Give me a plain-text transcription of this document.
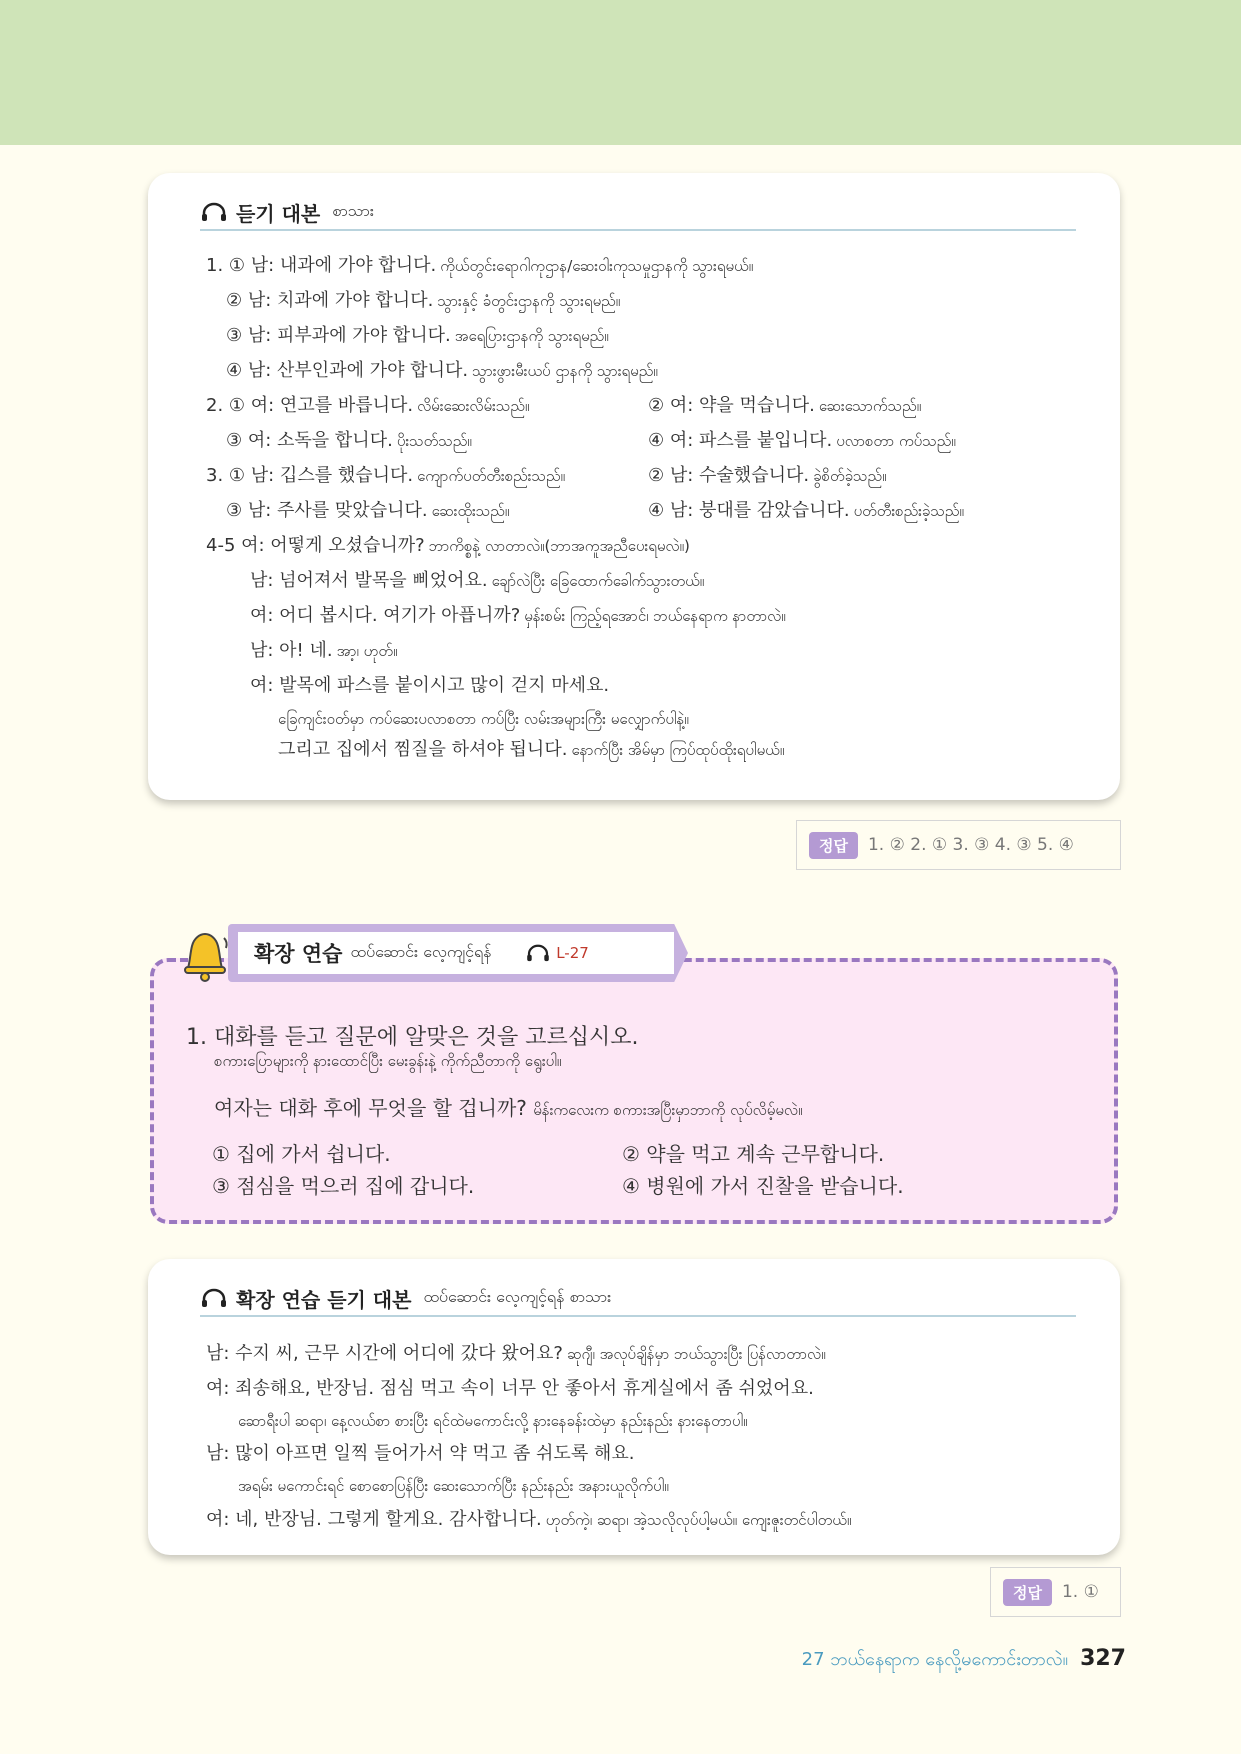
듣기 대본 စာသား
1. ① 남: 내과에 가야 합니다. ကိုယ်တွင်းရောဂါကုဌာန/ဆေးဝါးကုသမှုဌာနကို သွားရမယ်။
② 남: 치과에 가야 합니다. သွားနှင့် ခံတွင်းဌာနကို သွားရမည်။
③ 남: 피부과에 가야 합니다. အရေပြားဌာနကို သွားရမည်။
④ 남: 산부인과에 가야 합니다. သွားဖွားမီးယပ် ဌာနကို သွားရမည်။
2. ① 여: 연고를 바릅니다. လိမ်းဆေးလိမ်းသည်။	② 여: 약을 먹습니다. ဆေးသောက်သည်။
③ 여: 소독을 합니다. ပိုးသတ်သည်။	④ 여: 파스를 붙입니다. ပလာစတာ ကပ်သည်။
3. ① 남: 깁스를 했습니다. ကျောက်ပတ်တီးစည်းသည်။	② 남: 수술했습니다. ခွဲစိတ်ခဲ့သည်။
③ 남: 주사를 맞았습니다. ဆေးထိုးသည်။	④ 남: 붕대를 감았습니다. ပတ်တီးစည်းခဲ့သည်။
4-5 여: 어떻게 오셨습니까? ဘာကိစ္စနဲ့ လာတာလဲ။(ဘာအကူအညီပေးရမလဲ။)
남: 넘어져서 발목을 삐었어요. ချော်လဲပြီး ခြေထောက်ခေါက်သွားတယ်။
여: 어디 봅시다. 여기가 아픕니까? မှန်းစမ်း ကြည့်ရအောင်၊ ဘယ်နေရာက နာတာလဲ။
남: 아! 네. အာ့၊ ဟုတ်။
여: 발목에 파스를 붙이시고 많이 걷지 마세요.
ခြေကျင်းဝတ်မှာ ကပ်ဆေးပလာစတာ ကပ်ပြီး လမ်းအများကြီး မလျှောက်ပါနဲ့။
그리고 집에서 찜질을 하셔야 됩니다. နောက်ပြီး အိမ်မှာ ကြပ်ထုပ်ထိုးရပါမယ်။
정답	1. ② 2. ① 3. ③ 4. ③ 5. ④
확장 연습 ထပ်ဆောင်း လေ့ကျင့်ရန်	L-27
1. 대화를 듣고 질문에 알맞은 것을 고르십시오.
စကားပြောများကို နားထောင်ပြီး မေးခွန်းနဲ့ ကိုက်ညီတာကို ရွေးပါ။
여자는 대화 후에 무엇을 할 겁니까? မိန်းကလေးက စကားအပြီးမှာဘာကို လုပ်လိမ့်မလဲ။
① 집에 가서 쉽니다.	② 약을 먹고 계속 근무합니다.
③ 점심을 먹으러 집에 갑니다.	④ 병원에 가서 진찰을 받습니다.
확장 연습 듣기 대본 ထပ်ဆောင်း လေ့ကျင့်ရန် စာသား
남: 수지 씨, 근무 시간에 어디에 갔다 왔어요? ဆုဂျီ၊ အလုပ်ချိန်မှာ ဘယ်သွားပြီး ပြန်လာတာလဲ။
여: 죄송해요, 반장님. 점심 먹고 속이 너무 안 좋아서 휴게실에서 좀 쉬었어요.
ဆောရီးပါ ဆရာ၊ နေ့လယ်စာ စားပြီး ရင်ထဲမကောင်းလို့ နားနေခန်းထဲမှာ နည်းနည်း နားနေတာပါ။
남: 많이 아프면 일찍 들어가서 약 먹고 좀 쉬도록 해요.
အရမ်း မကောင်းရင် စောစောပြန်ပြီး ဆေးသောက်ပြီး နည်းနည်း အနားယူလိုက်ပါ။
여: 네, 반장님. 그렇게 할게요. 감사합니다. ဟုတ်ကဲ့၊ ဆရာ၊ အဲ့သလိုလုပ်ပါ့မယ်။ ကျေးဇူးတင်ပါတယ်။
정답	1. ①
27 ဘယ်နေရာက နေလို့မကောင်းတာလဲ။ 327
